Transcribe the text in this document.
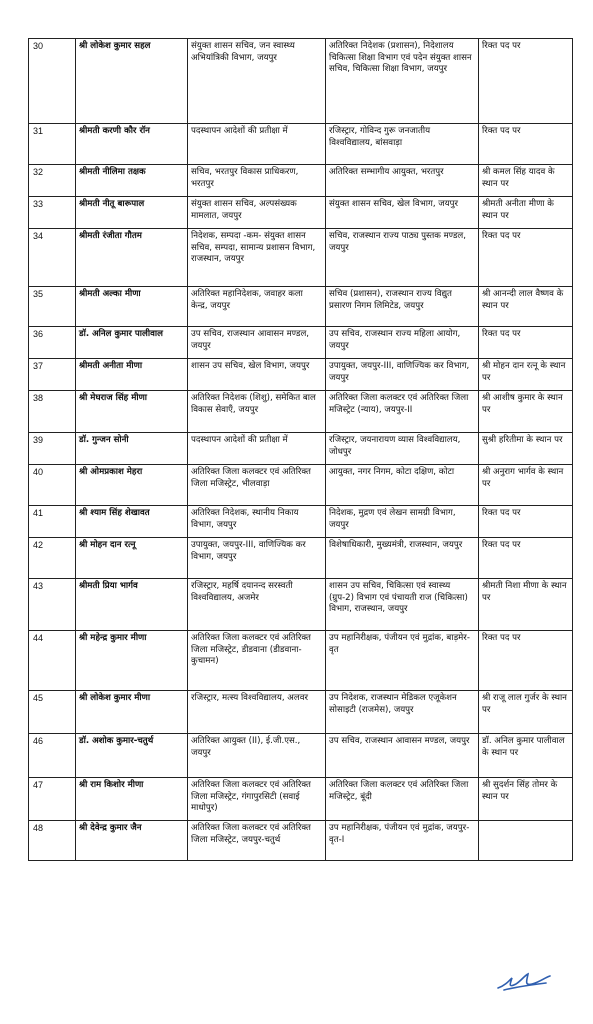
30	श्री लोकेश कुमार सहल	संयुक्त शासन सचिव, जन स्वास्थ्य अभियांत्रिकी विभाग, जयपुर	अतिरिक्त निदेशक (प्रशासन), निदेशालय चिकित्सा शिक्षा विभाग एवं पदेन संयुक्त शासन सचिव, चिकित्सा शिक्षा विभाग, जयपुर	रिक्त पद पर
31	श्रीमती करणी कौर रॉन	पदस्थापन आदेशों की प्रतीक्षा में	रजिस्ट्रार, गोविन्द गुरू जनजातीय विश्वविद्यालय, बांसवाड़ा	रिक्त पद पर
32	श्रीमती नीलिमा तक्षक	सचिव, भरतपुर विकास प्राधिकरण, भरतपुर	अतिरिक्त सम्भागीय आयुक्त, भरतपुर	श्री कमल सिंह यादव के स्थान पर
33	श्रीमती नीतू बारूपाल	संयुक्त शासन सचिव, अल्पसंख्यक मामलात, जयपुर	संयुक्त शासन सचिव, खेल विभाग, जयपुर	श्रीमती अनीता मीणा के स्थान पर
34	श्रीमती रंजीता गौतम	निदेशक, सम्पदा -कम- संयुक्त शासन सचिव, सम्पदा, सामान्य प्रशासन विभाग, राजस्थान, जयपुर	सचिव, राजस्थान राज्य पाठ्य पुस्तक मण्डल, जयपुर	रिक्त पद पर
35	श्रीमती अल्का मीणा	अतिरिक्त महानिदेशक, जवाहर कला केन्द्र, जयपुर	सचिव (प्रशासन), राजस्थान राज्य विद्युत प्रसारण निगम लिमिटेड, जयपुर	श्री आनन्दी लाल वैष्णव के स्थान पर
36	डॉ. अनिल कुमार पालीवाल	उप सचिव, राजस्थान आवासन मण्डल, जयपुर	उप सचिव, राजस्थान राज्य महिला आयोग, जयपुर	रिक्त पद पर
37	श्रीमती अनीता मीणा	शासन उप सचिव, खेल विभाग, जयपुर	उपायुक्त, जयपुर-III, वाणिज्यिक कर विभाग, जयपुर	श्री मोहन दान रत्नू के स्थान पर
38	श्री मेघराज सिंह मीणा	अतिरिक्त निदेशक (शिशु), समेकित बाल विकास सेवाएँ, जयपुर	अतिरिक्त जिला कलक्टर एवं अतिरिक्त जिला मजिस्ट्रेट (न्याय), जयपुर-II	श्री आशीष कुमार के स्थान पर
39	डॉ. गुन्जन सोनी	पदस्थापन आदेशों की प्रतीक्षा में	रजिस्ट्रार, जयनारायण व्यास विश्वविद्यालय, जोधपुर	सुश्री हरितीमा के स्थान पर
40	श्री ओमप्रकाश मेहरा	अतिरिक्त जिला कलक्टर एवं अतिरिक्त जिला मजिस्ट्रेट, भीलवाड़ा	आयुक्त, नगर निगम, कोटा दक्षिण, कोटा	श्री अनुराग भार्गव के स्थान पर
41	श्री श्याम सिंह शेखावत	अतिरिक्त निदेशक, स्थानीय निकाय विभाग, जयपुर	निदेशक, मुद्रण एवं लेखन सामग्री विभाग, जयपुर	रिक्त पद पर
42	श्री मोहन दान रत्नू	उपायुक्त, जयपुर-III, वाणिज्यिक कर विभाग, जयपुर	विशेषाधिकारी, मुख्यमंत्री, राजस्थान, जयपुर	रिक्त पद पर
43	श्रीमती प्रिया भार्गव	रजिस्ट्रार, महर्षि दयानन्द सरस्वती विश्वविद्यालय, अजमेर	शासन उप सचिव, चिकित्सा एवं स्वास्थ्य (ग्रुप-2) विभाग एवं पंचायती राज (चिकित्सा) विभाग, राजस्थान, जयपुर	श्रीमती निशा मीणा के स्थान पर
44	श्री महेन्द्र कुमार मीणा	अतिरिक्त जिला कलक्टर एवं अतिरिक्त जिला मजिस्ट्रेट, डीडवाना (डीडवाना-कुचामन)	उप महानिरीक्षक, पंजीयन एवं मुद्रांक, बाड़मेर-वृत	रिक्त पद पर
45	श्री लोकेश कुमार मीणा	रजिस्ट्रार, मत्स्य विश्वविद्यालय, अलवर	उप निदेशक, राजस्थान मेडिकल एजूकेशन सोसाइटी (राजमेस), जयपुर	श्री राजू लाल गुर्जर के स्थान पर
46	डॉ. अशोक कुमार-चतुर्थ	अतिरिक्त आयुक्त (II), ई.जी.एस., जयपुर	उप सचिव, राजस्थान आवासन मण्डल, जयपुर	डॉ. अनिल कुमार पालीवाल के स्थान पर
47	श्री राम किशोर मीणा	अतिरिक्त जिला कलक्टर एवं अतिरिक्त जिला मजिस्ट्रेट, गंगापुरसिटी (सवाई माधोपुर)	अतिरिक्त जिला कलक्टर एवं अतिरिक्त जिला मजिस्ट्रेट, बूंदी	श्री सुदर्शन सिंह तोमर के स्थान पर
48	श्री देवेन्द्र कुमार जैन	अतिरिक्त जिला कलक्टर एवं अतिरिक्त जिला मजिस्ट्रेट, जयपुर-चतुर्थ	उप महानिरीक्षक, पंजीयन एवं मुद्रांक, जयपुर-वृत-I	
